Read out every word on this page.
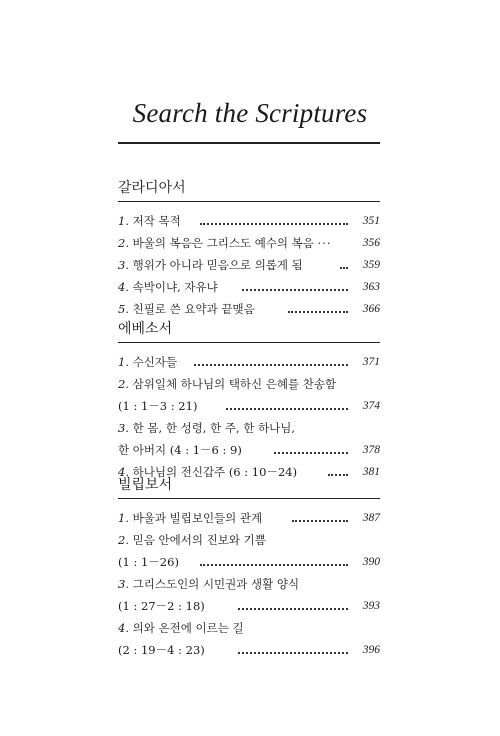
Search the Scriptures
갈라디아서
1. 저작 목적	351
2. 바울의 복음은 그리스도 예수의 복음 ···	356
3. 행위가 아니라 믿음으로 의롭게 됨	359
4. 속박이냐, 자유냐	363
5. 친필로 쓴 요약과 끝맺음	366
에베소서
1. 수신자들	371
2. 삼위일체 하나님의 택하신 은혜를 찬송함
(1 : 1－3 : 21)	374
3. 한 몸, 한 성령, 한 주, 한 하나님,
한 아버지 (4 : 1－6 : 9)	378
4. 하나님의 전신갑주 (6 : 10－24)	381
빌립보서
1. 바울과 빌립보인들의 관계	387
2. 믿음 안에서의 진보와 기쁨
(1 : 1－26)	390
3. 그리스도인의 시민권과 생활 양식
(1 : 27－2 : 18)	393
4. 의와 온전에 이르는 길
(2 : 19－4 : 23)	396
